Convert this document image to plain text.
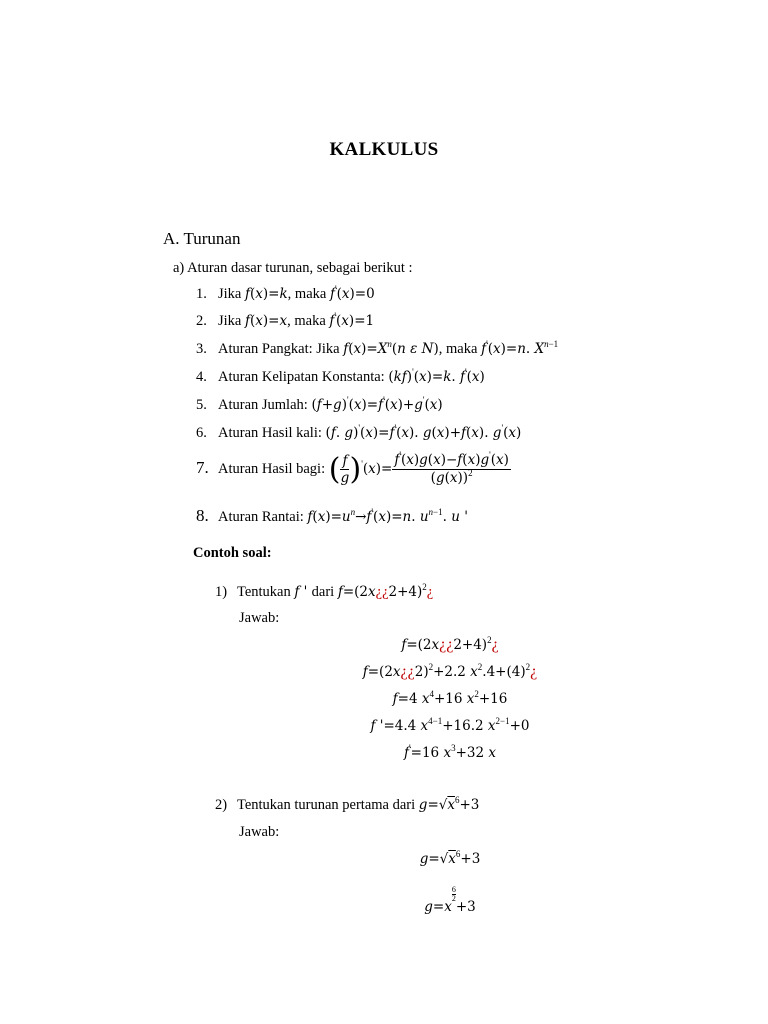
KALKULUS
A. Turunan
a) Aturan dasar turunan, sebagai berikut :
1. Jika f(x)=k, maka f'(x)=0
2. Jika f(x)=x, maka f'(x)=1
3. Aturan Pangkat: Jika $f(x)=X^n(n$ ε N), maka f'(x)=n. $X^{n-1}$
4. Aturan Kelipatan Konstanta: (kf)'(x)=k. f'(x)
5. Aturan Jumlah: (f+g)'(x)=f'(x)+g'(x)
6. Aturan Hasil kali: (f. g)'(x)=f'(x). g(x)+f(x). g'(x)
7. Aturan Hasil bagi: ( $\frac{f}{g} )'(x)= \frac{f'(x)g(x)-f(x)g'(x)}{(g(x))^2}$
8. Aturan Rantai: $f(x)=u^n\to f'(x)=n$. $u^{n-1}$. u '
Contoh soal:
1) Tentukan f ' dari f=(2x¿¿2+4)$^2$¿
Jawab:
f=(2x¿¿2+4)$^2$¿
f=(2x¿¿2)$^2$+2.2 $x^2.4+(4)^2¿$
f=4 $x^4+16$ $x^2+16$
f '=4.4 $x^{4-1}+16.2$ $x^{2-1}+0$
f'=16 $x^3+32$ x
2) Tentukan turunan pertama dari $g=√x^6+3$
Jawab:
$g=√x^6+3$
g=x
$^{\frac{6}{2}}$
+3
